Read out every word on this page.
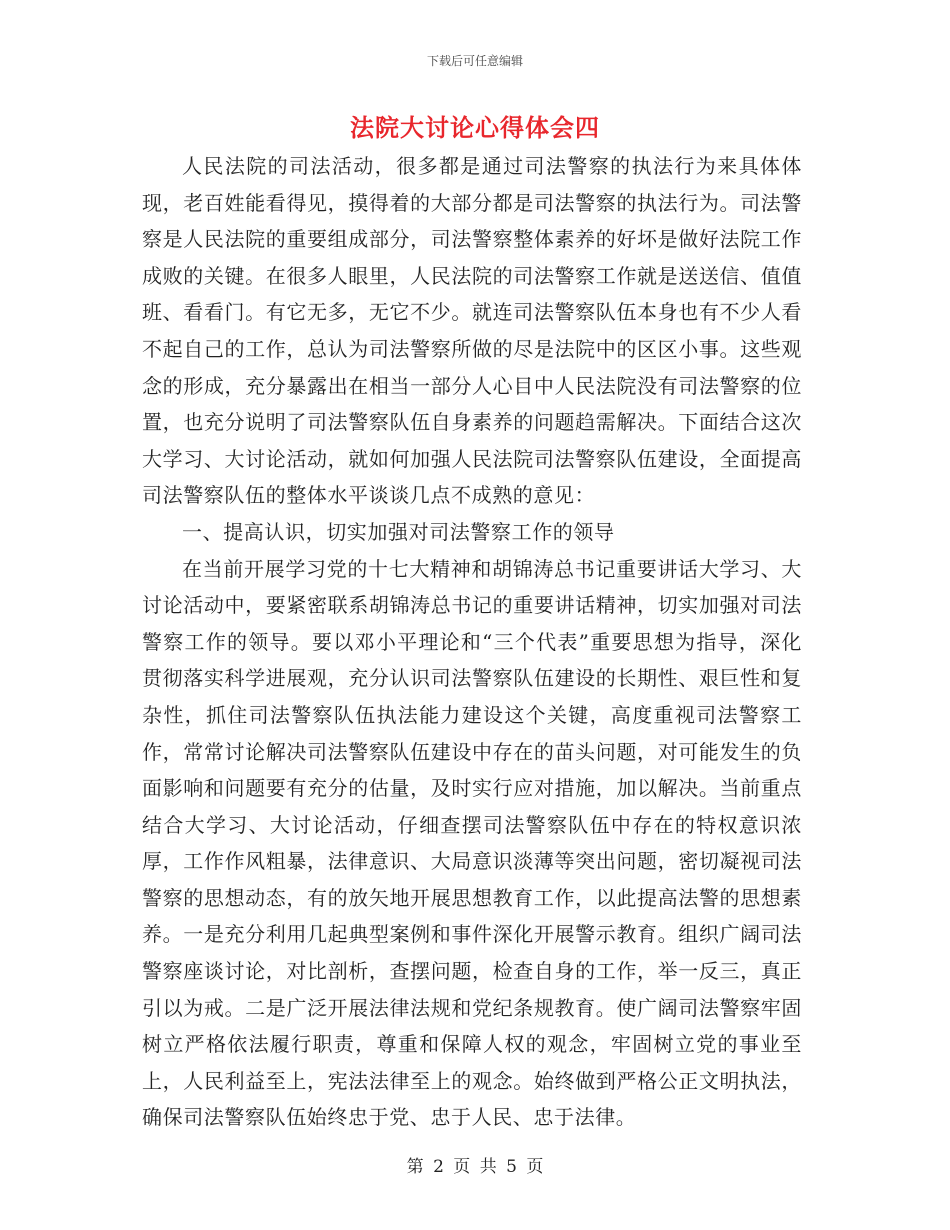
下载后可任意编辑
法院大讨论心得体会四

人民法院的司法活动，很多都是通过司法警察的执法行为来具体体现，老百姓能看得见，摸得着的大部分都是司法警察的执法行为。司法警察是人民法院的重要组成部分，司法警察整体素养的好坏是做好法院工作成败的关键。在很多人眼里，人民法院的司法警察工作就是送送信、值值班、看看门。有它无多，无它不少。就连司法警察队伍本身也有不少人看不起自己的工作，总认为司法警察所做的尽是法院中的区区小事。这些观念的形成，充分暴露出在相当一部分人心目中人民法院没有司法警察的位置，也充分说明了司法警察队伍自身素养的问题趋需解决。下面结合这次大学习、大讨论活动，就如何加强人民法院司法警察队伍建设，全面提高司法警察队伍的整体水平谈谈几点不成熟的意见：

一、提高认识，切实加强对司法警察工作的领导

在当前开展学习党的十七大精神和胡锦涛总书记重要讲话大学习、大讨论活动中，要紧密联系胡锦涛总书记的重要讲话精神，切实加强对司法警察工作的领导。要以邓小平理论和“三个代表”重要思想为指导，深化贯彻落实科学进展观，充分认识司法警察队伍建设的长期性、艰巨性和复杂性，抓住司法警察队伍执法能力建设这个关键，高度重视司法警察工作，常常讨论解决司法警察队伍建设中存在的苗头问题，对可能发生的负面影响和问题要有充分的估量，及时实行应对措施，加以解决。当前重点结合大学习、大讨论活动，仔细查摆司法警察队伍中存在的特权意识浓厚，工作作风粗暴，法律意识、大局意识淡薄等突出问题，密切凝视司法警察的思想动态，有的放矢地开展思想教育工作，以此提高法警的思想素养。一是充分利用几起典型案例和事件深化开展警示教育。组织广阔司法警察座谈讨论，对比剖析，查摆问题，检查自身的工作，举一反三，真正引以为戒。二是广泛开展法律法规和党纪条规教育。使广阔司法警察牢固树立严格依法履行职责，尊重和保障人权的观念，牢固树立党的事业至上，人民利益至上，宪法法律至上的观念。始终做到严格公正文明执法，确保司法警察队伍始终忠于党、忠于人民、忠于法律。

第 2 页 共 5 页
